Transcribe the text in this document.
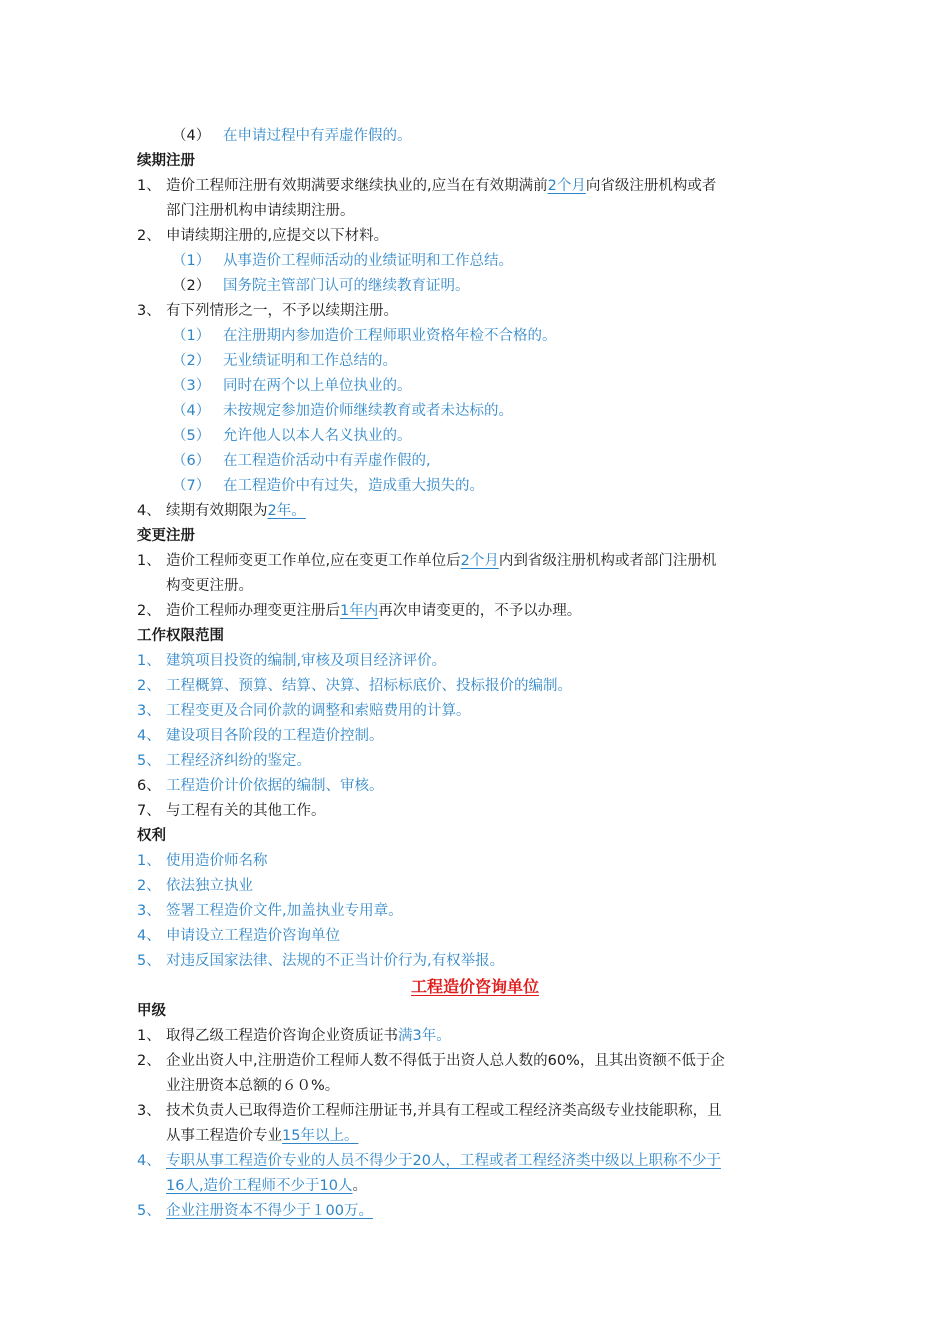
（4） 在申请过程中有弄虚作假的。
续期注册
1、 造价工程师注册有效期满要求继续执业的,应当在有效期满前2个月向省级注册机构或者
部门注册机构申请续期注册。
2、 申请续期注册的,应提交以下材料。
（1） 从事造价工程师活动的业绩证明和工作总结。
（2） 国务院主管部门认可的继续教育证明。
3、 有下列情形之一，不予以续期注册。
（1） 在注册期内参加造价工程师职业资格年检不合格的。
（2） 无业绩证明和工作总结的。
（3） 同时在两个以上单位执业的。
（4） 未按规定参加造价师继续教育或者未达标的。
（5） 允许他人以本人名义执业的。
（6） 在工程造价活动中有弄虚作假的,
（7） 在工程造价中有过失，造成重大损失的。
4、 续期有效期限为2年。
变更注册
1、 造价工程师变更工作单位,应在变更工作单位后2个月内到省级注册机构或者部门注册机
构变更注册。
2、 造价工程师办理变更注册后1年内再次申请变更的，不予以办理。
工作权限范围
1、 建筑项目投资的编制,审核及项目经济评价。
2、 工程概算、预算、结算、决算、招标标底价、投标报价的编制。
3、 工程变更及合同价款的调整和索赔费用的计算。
4、 建设项目各阶段的工程造价控制。
5、 工程经济纠纷的鉴定。
6、 工程造价计价依据的编制、审核。
7、 与工程有关的其他工作。
权利
1、 使用造价师名称
2、 依法独立执业
3、 签署工程造价文件,加盖执业专用章。
4、 申请设立工程造价咨询单位
5、 对违反国家法律、法规的不正当计价行为,有权举报。
工程造价咨询单位
甲级
1、 取得乙级工程造价咨询企业资质证书满3年。
2、 企业出资人中,注册造价工程师人数不得低于出资人总人数的60%，且其出资额不低于企
业注册资本总额的６０%。
3、 技术负责人已取得造价工程师注册证书,并具有工程或工程经济类高级专业技能职称，且
从事工程造价专业15年以上。
4、 专职从事工程造价专业的人员不得少于20人，工程或者工程经济类中级以上职称不少于
16人,造价工程师不少于10人。
5、 企业注册资本不得少于１00万。
